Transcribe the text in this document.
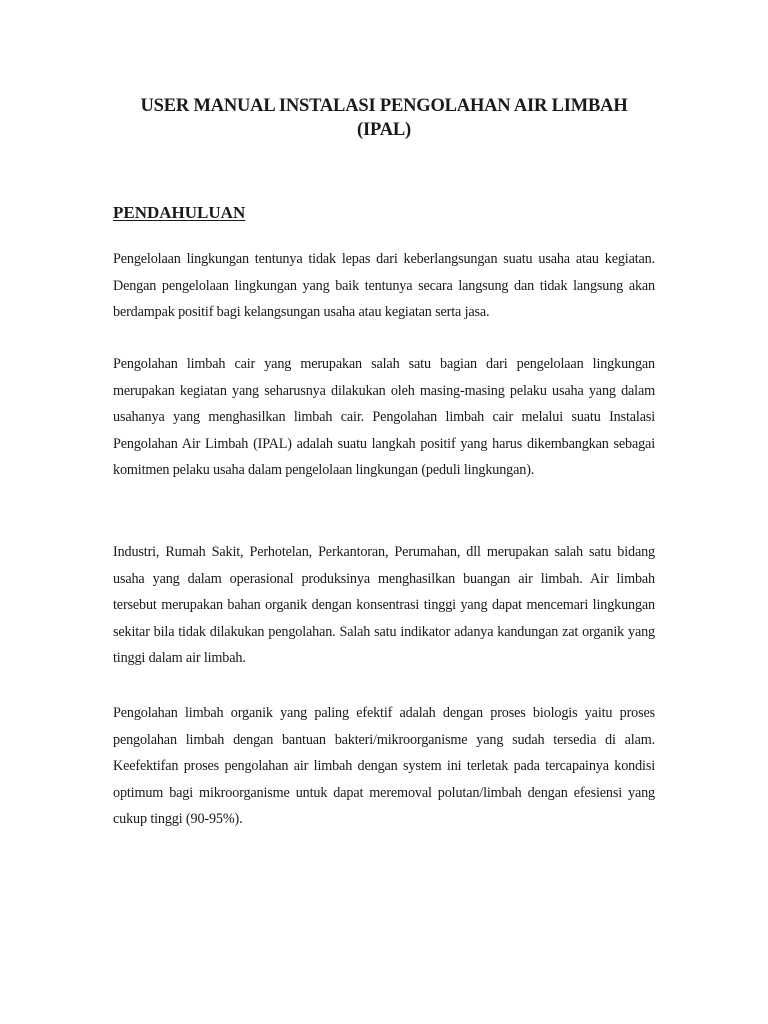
USER MANUAL INSTALASI PENGOLAHAN AIR LIMBAH
(IPAL)
PENDAHULUAN

Pengelolaan lingkungan tentunya tidak lepas dari keberlangsungan suatu usaha atau kegiatan. Dengan pengelolaan lingkungan yang baik tentunya secara langsung dan tidak langsung akan berdampak positif bagi kelangsungan usaha atau kegiatan serta jasa.

Pengolahan limbah cair yang merupakan salah satu bagian dari pengelolaan lingkungan merupakan kegiatan yang seharusnya dilakukan oleh masing-masing pelaku usaha yang dalam usahanya yang menghasilkan limbah cair. Pengolahan limbah cair melalui suatu Instalasi Pengolahan Air Limbah (IPAL) adalah suatu langkah positif yang harus dikembangkan sebagai komitmen pelaku usaha dalam pengelolaan lingkungan (peduli lingkungan).

Industri, Rumah Sakit, Perhotelan, Perkantoran, Perumahan, dll merupakan salah satu bidang usaha yang dalam operasional produksinya menghasilkan buangan air limbah. Air limbah tersebut merupakan bahan organik dengan konsentrasi tinggi yang dapat mencemari lingkungan sekitar bila tidak dilakukan pengolahan. Salah satu indikator adanya kandungan zat organik yang tinggi dalam air limbah.

Pengolahan limbah organik yang paling efektif adalah dengan proses biologis yaitu proses pengolahan limbah dengan bantuan bakteri/mikroorganisme yang sudah tersedia di alam. Keefektifan proses pengolahan air limbah dengan system ini terletak pada tercapainya kondisi optimum bagi mikroorganisme untuk dapat meremoval polutan/limbah dengan efesiensi yang cukup tinggi (90-95%).
